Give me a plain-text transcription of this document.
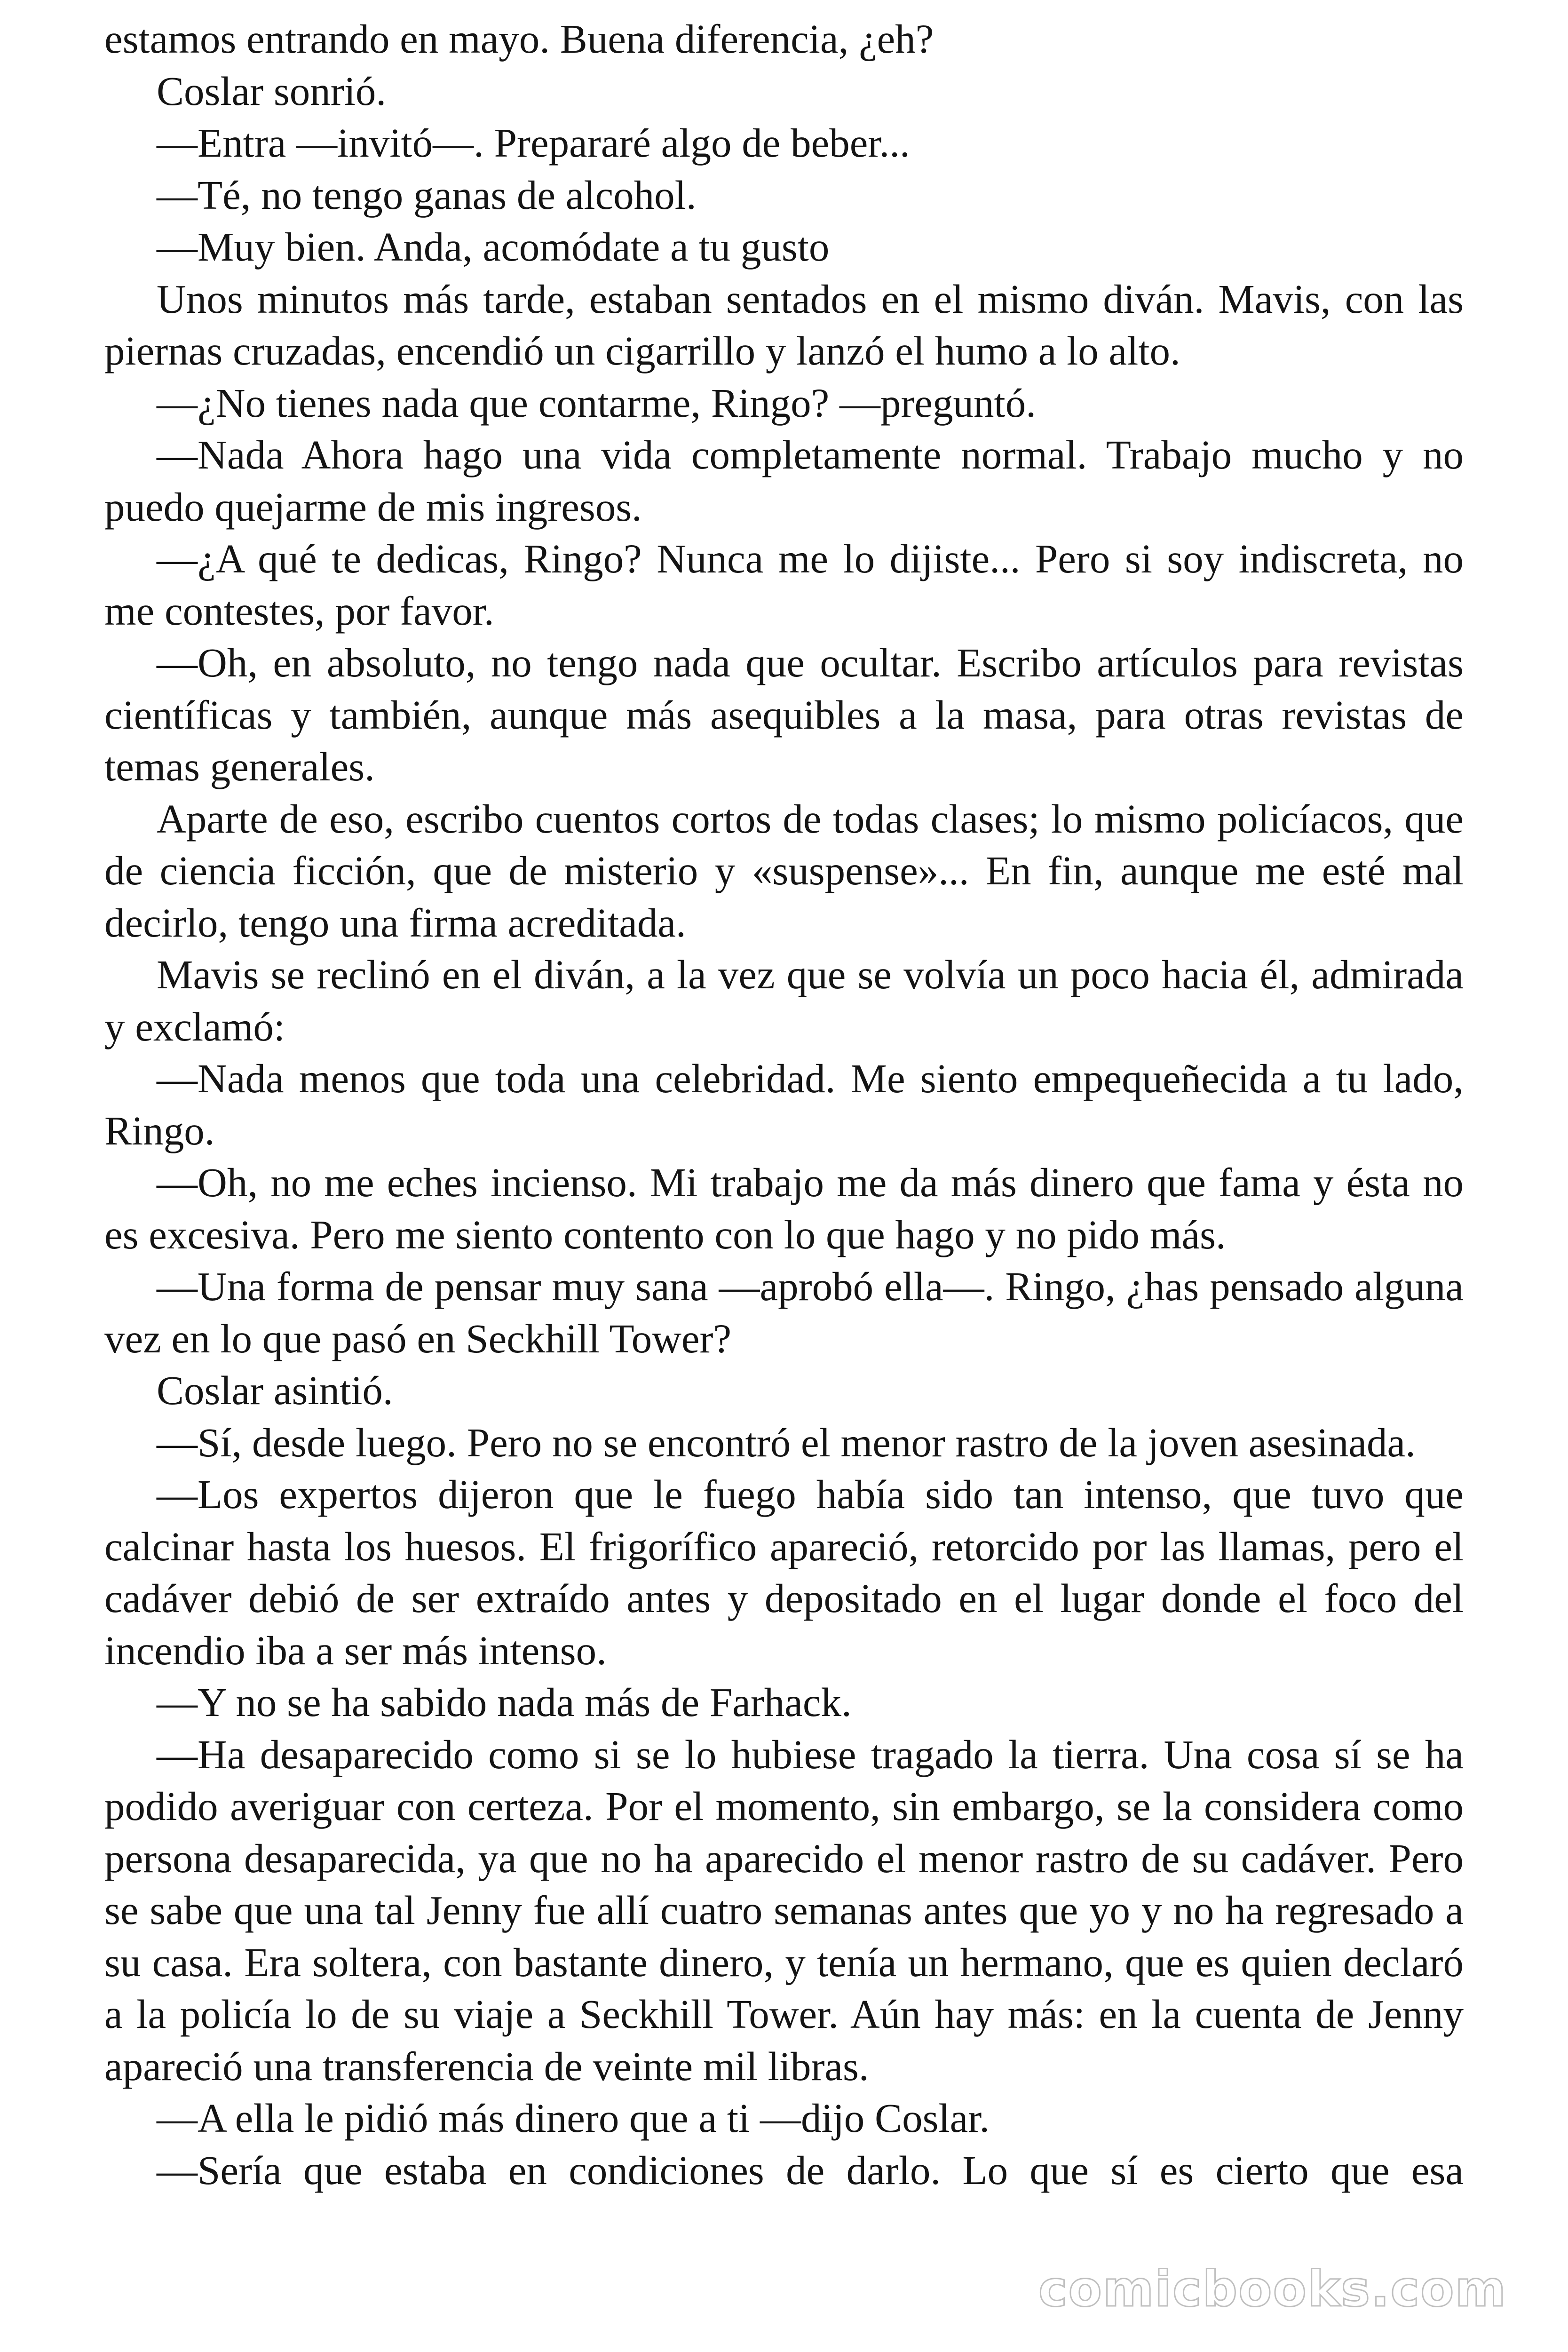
estamos entrando en mayo. Buena diferencia, ¿eh?

Coslar sonrió.

—Entra —invitó—. Prepararé algo de beber...

—Té, no tengo ganas de alcohol.

—Muy bien. Anda, acomódate a tu gusto

Unos minutos más tarde, estaban sentados en el mismo diván. Mavis, con las piernas cruzadas, encendió un cigarrillo y lanzó el humo a lo alto.

—¿No tienes nada que contarme, Ringo? —preguntó.

—Nada Ahora hago una vida completamente normal. Trabajo mucho y no puedo quejarme de mis ingresos.

—¿A qué te dedicas, Ringo? Nunca me lo dijiste... Pero si soy indiscreta, no me contestes, por favor.

—Oh, en absoluto, no tengo nada que ocultar. Escribo artículos para revistas científicas y también, aunque más asequibles a la masa, para otras revistas de temas generales.

Aparte de eso, escribo cuentos cortos de todas clases; lo mismo policíacos, que de ciencia ficción, que de misterio y «suspense»... En fin, aunque me esté mal decirlo, tengo una firma acreditada.

Mavis se reclinó en el diván, a la vez que se volvía un poco hacia él, admirada y exclamó:

—Nada menos que toda una celebridad. Me siento empequeñecida a tu lado, Ringo.

—Oh, no me eches incienso. Mi trabajo me da más dinero que fama y ésta no es excesiva. Pero me siento contento con lo que hago y no pido más.

—Una forma de pensar muy sana —aprobó ella—. Ringo, ¿has pensado alguna vez en lo que pasó en Seckhill Tower?

Coslar asintió.

—Sí, desde luego. Pero no se encontró el menor rastro de la joven asesinada.

—Los expertos dijeron que le fuego había sido tan intenso, que tuvo que calcinar hasta los huesos. El frigorífico apareció, retorcido por las llamas, pero el cadáver debió de ser extraído antes y depositado en el lugar donde el foco del incendio iba a ser más intenso.

—Y no se ha sabido nada más de Farhack.

—Ha desaparecido como si se lo hubiese tragado la tierra. Una cosa sí se ha podido averiguar con certeza. Por el momento, sin embargo, se la considera como persona desaparecida, ya que no ha aparecido el menor rastro de su cadáver. Pero se sabe que una tal Jenny fue allí cuatro semanas antes que yo y no ha regresado a su casa. Era soltera, con bastante dinero, y tenía un hermano, que es quien declaró a la policía lo de su viaje a Seckhill Tower. Aún hay más: en la cuenta de Jenny apareció una transferencia de veinte mil libras.

—A ella le pidió más dinero que a ti —dijo Coslar.

—Sería que estaba en condiciones de darlo. Lo que sí es cierto que esa

comicbooks.com
